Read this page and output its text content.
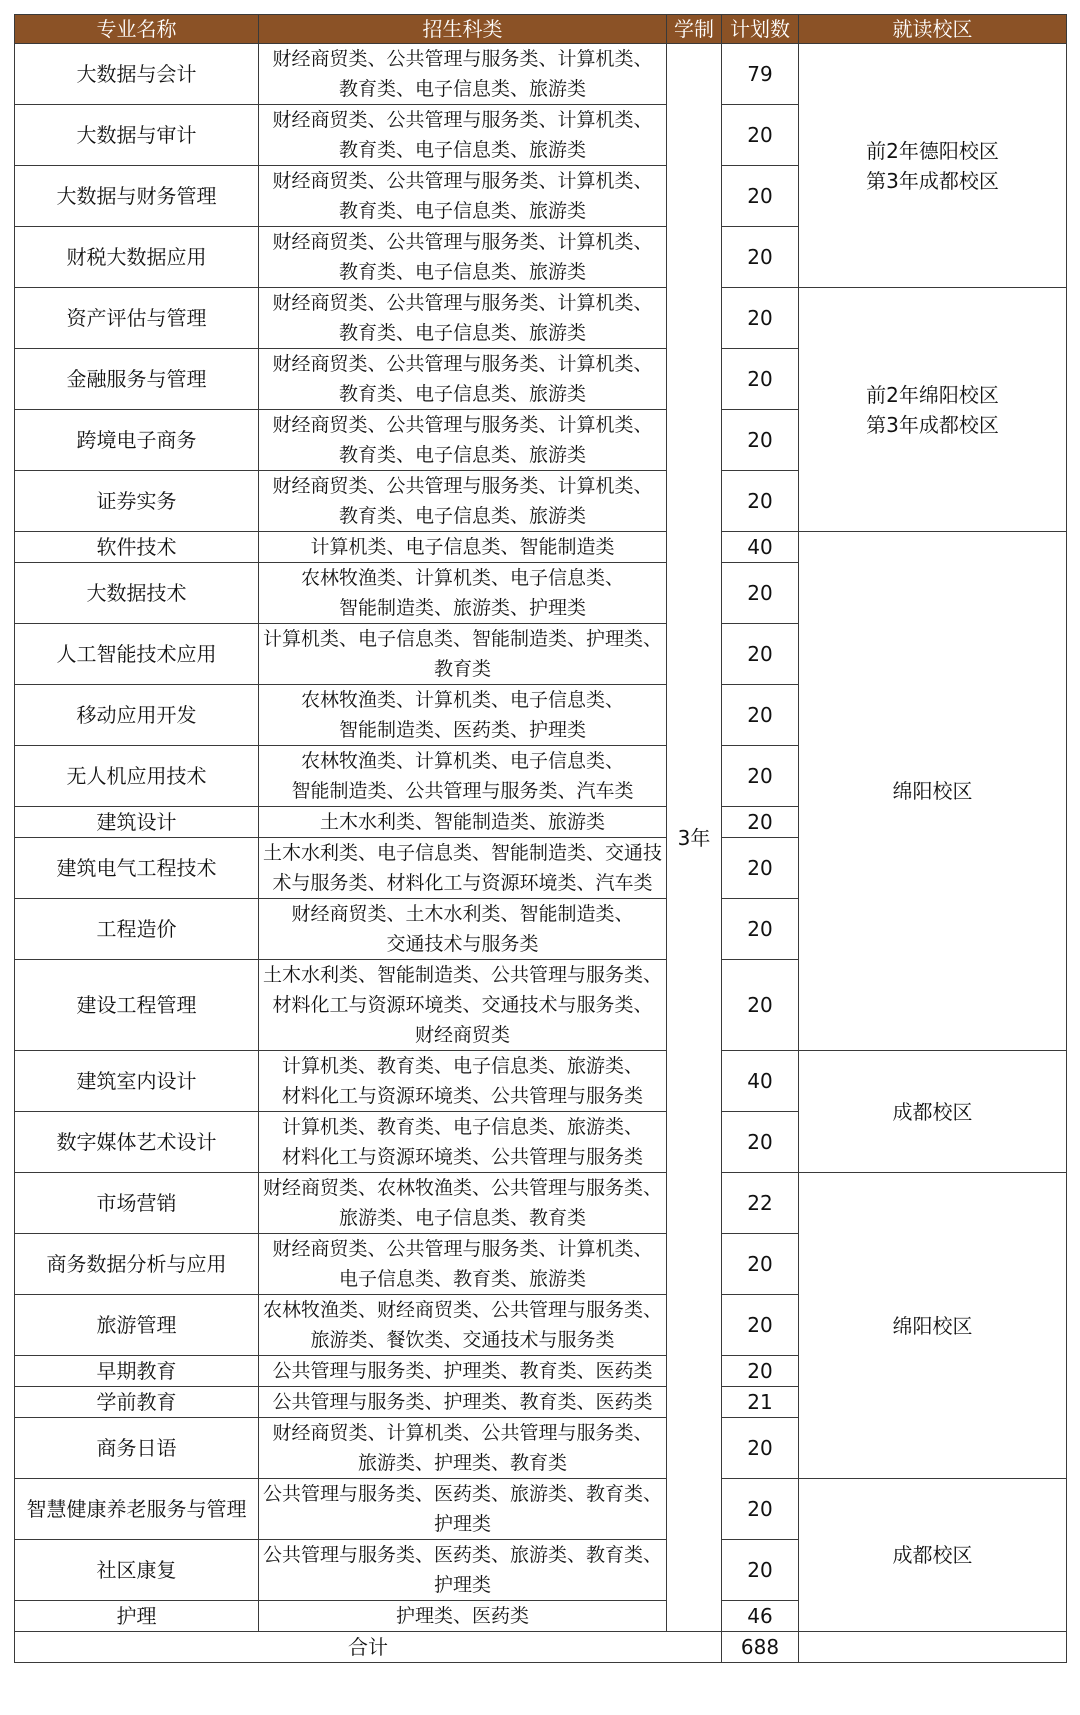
专业名称	招生科类	学制	计划数	就读校区
大数据与会计	财经商贸类、公共管理与服务类、计算机类、
教育类、电子信息类、旅游类	3年	79	前2年德阳校区
第3年成都校区
大数据与审计	财经商贸类、公共管理与服务类、计算机类、
教育类、电子信息类、旅游类		20	
大数据与财务管理	财经商贸类、公共管理与服务类、计算机类、
教育类、电子信息类、旅游类		20	
财税大数据应用	财经商贸类、公共管理与服务类、计算机类、
教育类、电子信息类、旅游类		20	
资产评估与管理	财经商贸类、公共管理与服务类、计算机类、
教育类、电子信息类、旅游类		20	前2年绵阳校区
第3年成都校区
金融服务与管理	财经商贸类、公共管理与服务类、计算机类、
教育类、电子信息类、旅游类		20	
跨境电子商务	财经商贸类、公共管理与服务类、计算机类、
教育类、电子信息类、旅游类		20	
证券实务	财经商贸类、公共管理与服务类、计算机类、
教育类、电子信息类、旅游类		20	
软件技术	计算机类、电子信息类、智能制造类		40	绵阳校区
大数据技术	农林牧渔类、计算机类、电子信息类、
智能制造类、旅游类、护理类		20	
人工智能技术应用	计算机类、电子信息类、智能制造类、护理类、
教育类		20	
移动应用开发	农林牧渔类、计算机类、电子信息类、
智能制造类、医药类、护理类		20	
无人机应用技术	农林牧渔类、计算机类、电子信息类、
智能制造类、公共管理与服务类、汽车类		20	
建筑设计	土木水利类、智能制造类、旅游类		20	
建筑电气工程技术	土木水利类、电子信息类、智能制造类、交通技
术与服务类、材料化工与资源环境类、汽车类		20	
工程造价	财经商贸类、土木水利类、智能制造类、
交通技术与服务类		20	
建设工程管理	土木水利类、智能制造类、公共管理与服务类、
材料化工与资源环境类、交通技术与服务类、
财经商贸类		20	
建筑室内设计	计算机类、教育类、电子信息类、旅游类、
材料化工与资源环境类、公共管理与服务类		40	成都校区
数字媒体艺术设计	计算机类、教育类、电子信息类、旅游类、
材料化工与资源环境类、公共管理与服务类		20	
市场营销	财经商贸类、农林牧渔类、公共管理与服务类、
旅游类、电子信息类、教育类		22	绵阳校区
商务数据分析与应用	财经商贸类、公共管理与服务类、计算机类、
电子信息类、教育类、旅游类		20	
旅游管理	农林牧渔类、财经商贸类、公共管理与服务类、
旅游类、餐饮类、交通技术与服务类		20	
早期教育	公共管理与服务类、护理类、教育类、医药类		20	
学前教育	公共管理与服务类、护理类、教育类、医药类		21	
商务日语	财经商贸类、计算机类、公共管理与服务类、
旅游类、护理类、教育类		20	
智慧健康养老服务与管理	公共管理与服务类、医药类、旅游类、教育类、
护理类		20	成都校区
社区康复	公共管理与服务类、医药类、旅游类、教育类、
护理类		20	
护理	护理类、医药类		46	
合计			688	
